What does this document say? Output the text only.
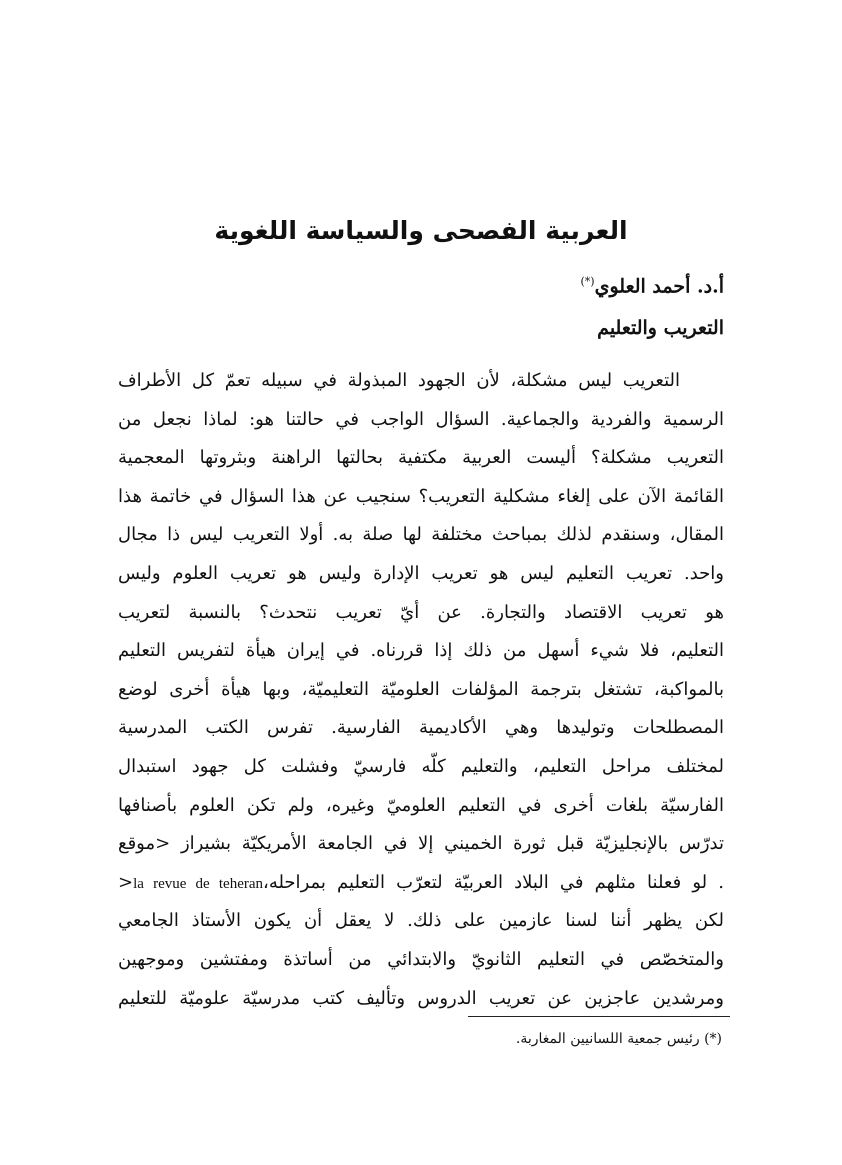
العربية الفصحى والسياسة اللغوية
أ.د. أحمد العلوي(*)
التعريب والتعليم
التعريب ليس مشكلة، لأن الجهود المبذولة في سبيله تعمّ كل الأطراف
الرسمية والفردية والجماعية. السؤال الواجب في حالتنا هو: لماذا نجعل من
التعريب مشكلة؟ أليست العربية مكتفية بحالتها الراهنة وبثروتها المعجمية
القائمة الآن على إلغاء مشكلية التعريب؟ سنجيب عن هذا السؤال في خاتمة هذا
المقال، وسنقدم لذلك بمباحث مختلفة لها صلة به. أولا التعريب ليس ذا مجال
واحد. تعريب التعليم ليس هو تعريب الإدارة وليس هو تعريب العلوم وليس
هو تعريب الاقتصاد والتجارة. عن أيّ تعريب نتحدث؟ بالنسبة لتعريب
التعليم، فلا شيء أسهل من ذلك إذا قررناه. في إيران هيأة لتفريس التعليم
بالمواكبة، تشتغل بترجمة المؤلفات العلوميّة التعليميّة، وبها هيأة أخرى لوضع
المصطلحات وتوليدها وهي الأكاديمية الفارسية. تفرس الكتب المدرسية
لمختلف مراحل التعليم، والتعليم كلّه فارسيّ وفشلت كل جهود استبدال
الفارسيّة بلغات أخرى في التعليم العلوميّ وغيره، ولم تكن العلوم بأصنافها
تدرّس بالإنجليزيّة قبل ثورة الخميني إلا في الجامعة الأمريكيّة بشيراز <موقع
. لو فعلنا مثلهم في البلاد العربيّة لتعرّب التعليم بمراحله،la revue de teheran<
لكن يظهر أننا لسنا عازمين على ذلك. لا يعقل أن يكون الأستاذ الجامعي
والمتخصّص في التعليم الثانويّ والابتدائي من أساتذة ومفتشين وموجهين
ومرشدين عاجزين عن تعريب الدروس وتأليف كتب مدرسيّة علوميّة للتعليم
(*) رئيس جمعية اللسانيين المغاربة.
